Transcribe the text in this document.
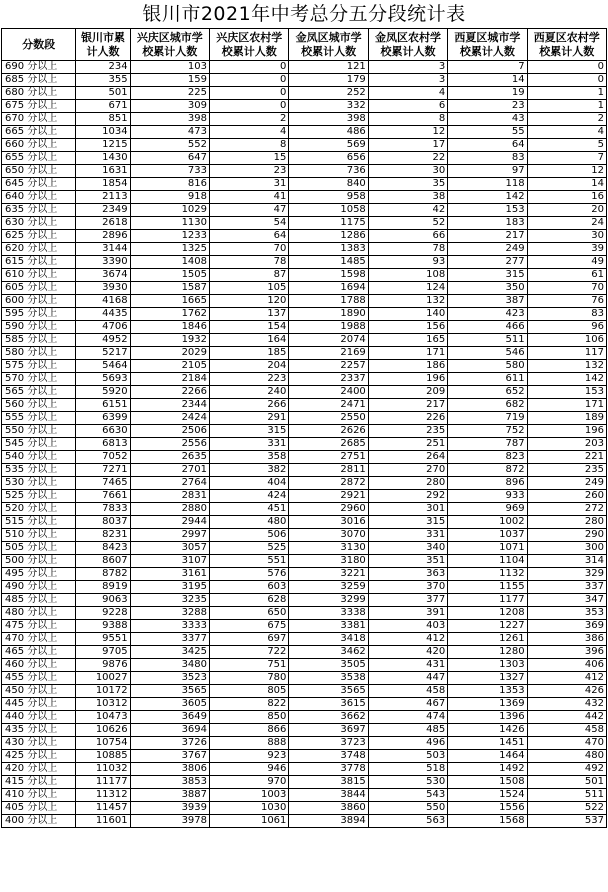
银川市2021年中考总分五分段统计表
分数段	银川市累计人数	兴庆区城市学校累计人数	兴庆区农村学校累计人数	金凤区城市学校累计人数	金凤区农村学校累计人数	西夏区城市学校累计人数	西夏区农村学校累计人数
690 分以上	234	103	0	121	3	7	0
685 分以上	355	159	0	179	3	14	0
680 分以上	501	225	0	252	4	19	1
675 分以上	671	309	0	332	6	23	1
670 分以上	851	398	2	398	8	43	2
665 分以上	1034	473	4	486	12	55	4
660 分以上	1215	552	8	569	17	64	5
655 分以上	1430	647	15	656	22	83	7
650 分以上	1631	733	23	736	30	97	12
645 分以上	1854	816	31	840	35	118	14
640 分以上	2113	918	41	958	38	142	16
635 分以上	2349	1029	47	1058	42	153	20
630 分以上	2618	1130	54	1175	52	183	24
625 分以上	2896	1233	64	1286	66	217	30
620 分以上	3144	1325	70	1383	78	249	39
615 分以上	3390	1408	78	1485	93	277	49
610 分以上	3674	1505	87	1598	108	315	61
605 分以上	3930	1587	105	1694	124	350	70
600 分以上	4168	1665	120	1788	132	387	76
595 分以上	4435	1762	137	1890	140	423	83
590 分以上	4706	1846	154	1988	156	466	96
585 分以上	4952	1932	164	2074	165	511	106
580 分以上	5217	2029	185	2169	171	546	117
575 分以上	5464	2105	204	2257	186	580	132
570 分以上	5693	2184	223	2337	196	611	142
565 分以上	5920	2266	240	2400	209	652	153
560 分以上	6151	2344	266	2471	217	682	171
555 分以上	6399	2424	291	2550	226	719	189
550 分以上	6630	2506	315	2626	235	752	196
545 分以上	6813	2556	331	2685	251	787	203
540 分以上	7052	2635	358	2751	264	823	221
535 分以上	7271	2701	382	2811	270	872	235
530 分以上	7465	2764	404	2872	280	896	249
525 分以上	7661	2831	424	2921	292	933	260
520 分以上	7833	2880	451	2960	301	969	272
515 分以上	8037	2944	480	3016	315	1002	280
510 分以上	8231	2997	506	3070	331	1037	290
505 分以上	8423	3057	525	3130	340	1071	300
500 分以上	8607	3107	551	3180	351	1104	314
495 分以上	8782	3161	576	3221	363	1132	329
490 分以上	8919	3195	603	3259	370	1155	337
485 分以上	9063	3235	628	3299	377	1177	347
480 分以上	9228	3288	650	3338	391	1208	353
475 分以上	9388	3333	675	3381	403	1227	369
470 分以上	9551	3377	697	3418	412	1261	386
465 分以上	9705	3425	722	3462	420	1280	396
460 分以上	9876	3480	751	3505	431	1303	406
455 分以上	10027	3523	780	3538	447	1327	412
450 分以上	10172	3565	805	3565	458	1353	426
445 分以上	10312	3605	822	3615	467	1369	432
440 分以上	10473	3649	850	3662	474	1396	442
435 分以上	10626	3694	866	3697	485	1426	458
430 分以上	10754	3726	888	3723	496	1451	470
425 分以上	10885	3767	923	3748	503	1464	480
420 分以上	11032	3806	946	3778	518	1492	492
415 分以上	11177	3853	970	3815	530	1508	501
410 分以上	11312	3887	1003	3844	543	1524	511
405 分以上	11457	3939	1030	3860	550	1556	522
400 分以上	11601	3978	1061	3894	563	1568	537
